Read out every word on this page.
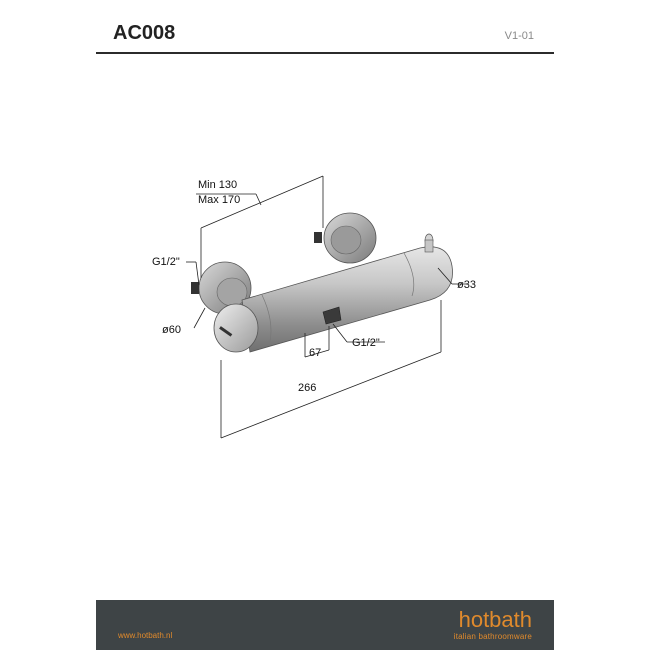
AC008	V1-01
Min 130
Max 170
G1/2"
ø60
ø33
67
G1/2"
266
www.hotbath.nl
hotbath
italian bathroomware
